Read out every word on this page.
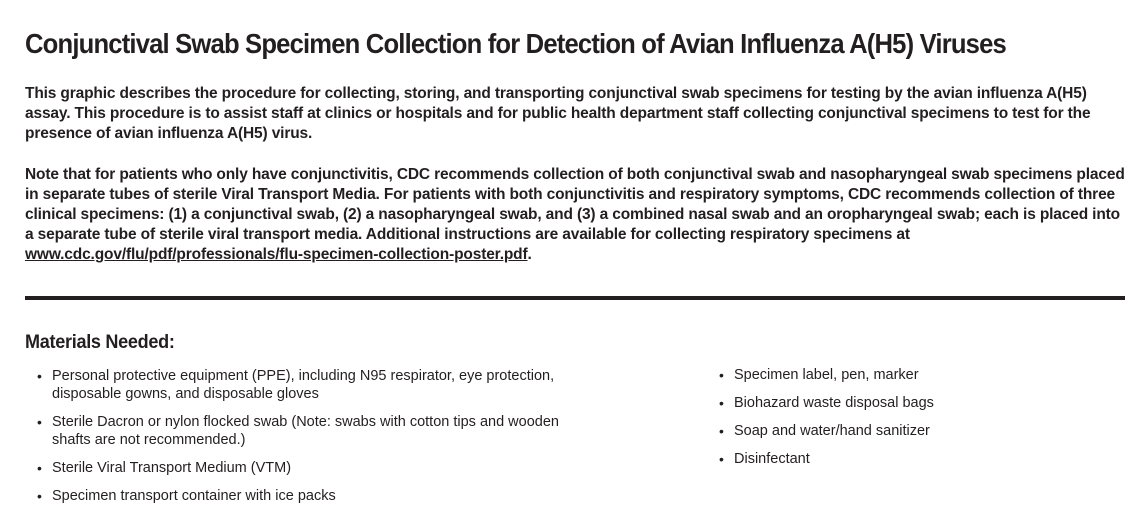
Conjunctival Swab Specimen Collection for Detection of Avian Influenza A(H5) Viruses

This graphic describes the procedure for collecting, storing, and transporting conjunctival swab specimens for testing by the avian influenza A(H5) assay. This procedure is to assist staff at clinics or hospitals and for public health department staff collecting conjunctival specimens to test for the presence of avian influenza A(H5) virus.

Note that for patients who only have conjunctivitis, CDC recommends collection of both conjunctival swab and nasopharyngeal swab specimens placed in separate tubes of sterile Viral Transport Media. For patients with both conjunctivitis and respiratory symptoms, CDC recommends collection of three clinical specimens: (1) a conjunctival swab, (2) a nasopharyngeal swab, and (3) a combined nasal swab and an oropharyngeal swab; each is placed into a separate tube of sterile viral transport media. Additional instructions are available for collecting respiratory specimens at www.cdc.gov/flu/pdf/professionals/flu-specimen-collection-poster.pdf.

Materials Needed:
• Personal protective equipment (PPE), including N95 respirator, eye protection, disposable gowns, and disposable gloves
• Sterile Dacron or nylon flocked swab (Note: swabs with cotton tips and wooden shafts are not recommended.)
• Sterile Viral Transport Medium (VTM)
• Specimen transport container with ice packs
• Specimen label, pen, marker
• Biohazard waste disposal bags
• Soap and water/hand sanitizer
• Disinfectant
